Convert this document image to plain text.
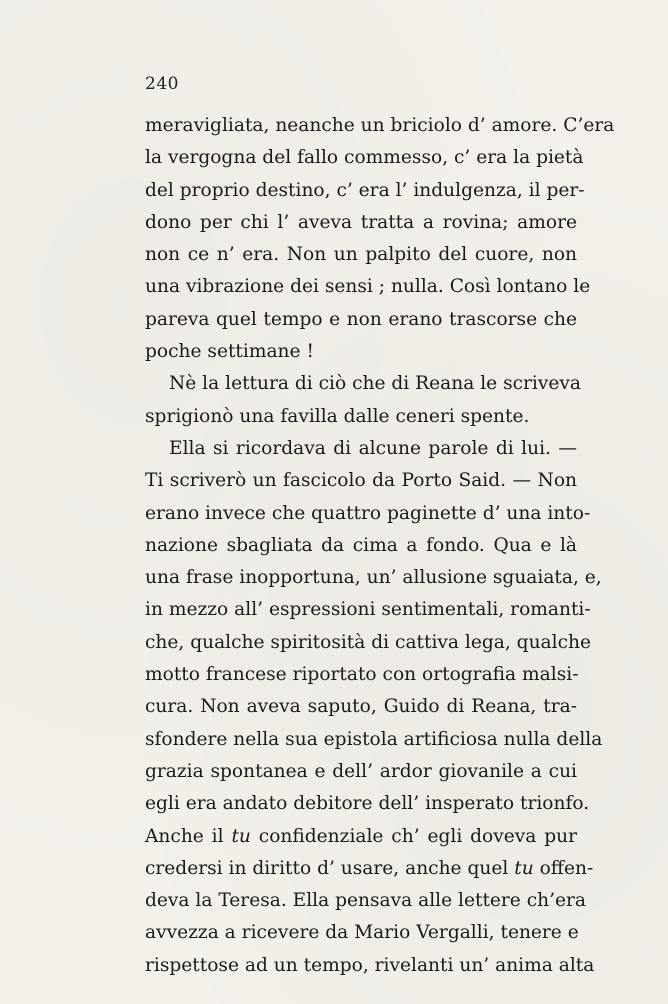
240
meravigliata, neanche un briciolo d’ amore. C’era
la vergogna del fallo commesso, c’ era la pietà
del proprio destino, c’ era l’ indulgenza, il per-
dono per chi l’ aveva tratta a rovina; amore
non ce n’ era. Non un palpito del cuore, non
una vibrazione dei sensi ; nulla. Così lontano le
pareva quel tempo e non erano trascorse che
poche settimane !
Nè la lettura di ciò che di Reana le scriveva
sprigionò una favilla dalle ceneri spente.
Ella si ricordava di alcune parole di lui. —
Ti scriverò un fascicolo da Porto Said. — Non
erano invece che quattro paginette d’ una into-
nazione sbagliata da cima a fondo. Qua e là
una frase inopportuna, un’ allusione sguaiata, e,
in mezzo all’ espressioni sentimentali, romanti-
che, qualche spiritosità di cattiva lega, qualche
motto francese riportato con ortografia malsi-
cura. Non aveva saputo, Guido di Reana, tra-
sfondere nella sua epistola artificiosa nulla della
grazia spontanea e dell’ ardor giovanile a cui
egli era andato debitore dell’ insperato trionfo.
Anche il tu confidenziale ch’ egli doveva pur
credersi in diritto d’ usare, anche quel tu offen-
deva la Teresa. Ella pensava alle lettere ch’era
avvezza a ricevere da Mario Vergalli, tenere e
rispettose ad un tempo, rivelanti un’ anima alta
